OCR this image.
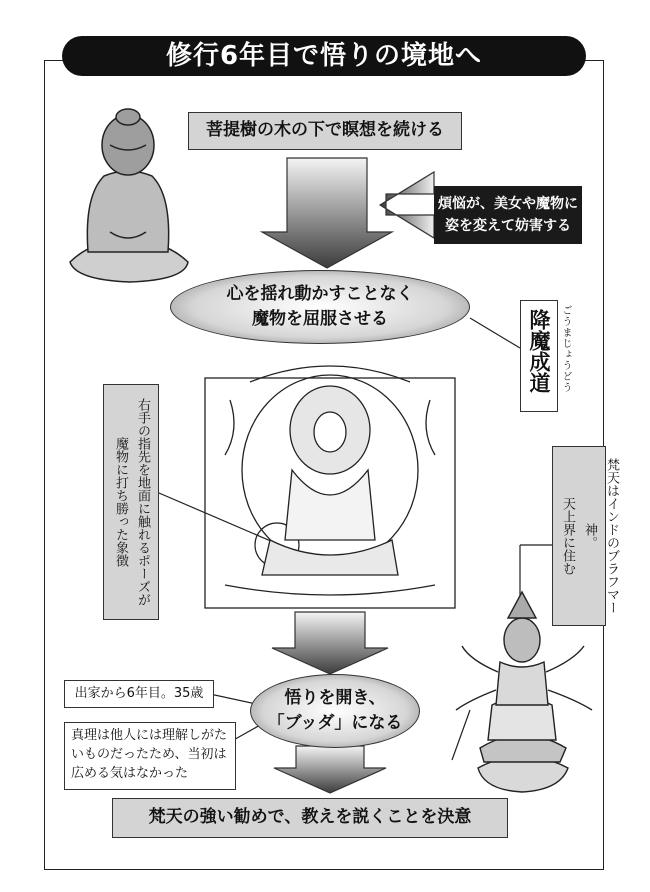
修行6年目で悟りの境地へ
菩提樹の木の下で瞑想を続ける
煩悩が、美女や魔物に
姿を変えて妨害する
心を揺れ動かすことなく
魔物を屈服させる	降魔成道 ごうまじょうどう
右手の指先を地面に触れるポーズが
魔物に打ち勝った象徴	梵天はインドのブラフマー神。
天上界に住む
出家から6年目。35歳	悟りを開き、
「ブッダ」になる
真理は他人には理解しがた
いものだったため、当初は
広める気はなかった
梵天の強い勧めで、教えを説くことを決意
